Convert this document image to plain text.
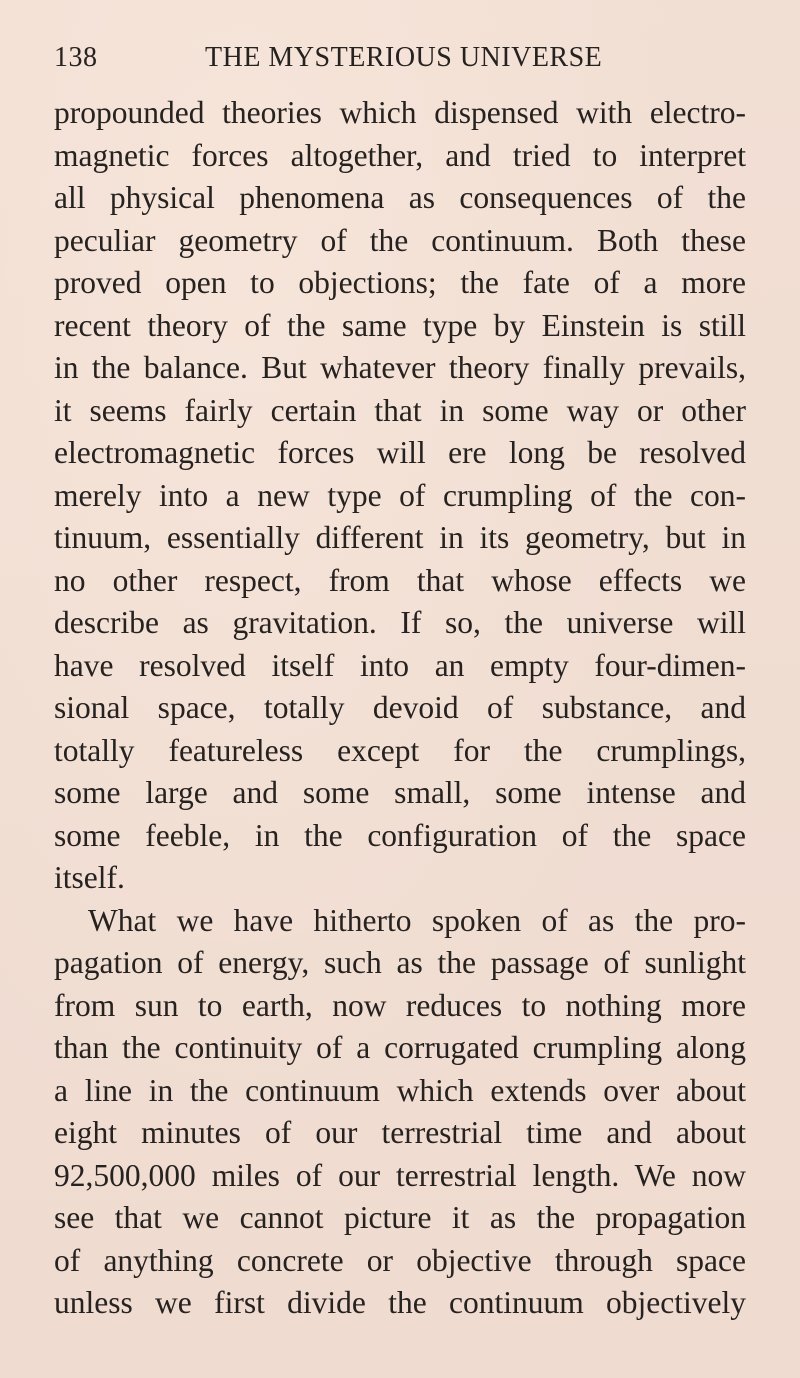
138	THE MYSTERIOUS UNIVERSE
propounded theories which dispensed with electro-
magnetic forces altogether, and tried to interpret
all physical phenomena as consequences of the
peculiar geometry of the continuum. Both these
proved open to objections; the fate of a more
recent theory of the same type by Einstein is still
in the balance. But whatever theory finally prevails,
it seems fairly certain that in some way or other
electromagnetic forces will ere long be resolved
merely into a new type of crumpling of the con-
tinuum, essentially different in its geometry, but in
no other respect, from that whose effects we
describe as gravitation. If so, the universe will
have resolved itself into an empty four-dimen-
sional space, totally devoid of substance, and
totally featureless except for the crumplings,
some large and some small, some intense and
some feeble, in the configuration of the space
itself.
What we have hitherto spoken of as the pro-
pagation of energy, such as the passage of sunlight
from sun to earth, now reduces to nothing more
than the continuity of a corrugated crumpling along
a line in the continuum which extends over about
eight minutes of our terrestrial time and about
92,500,000 miles of our terrestrial length. We now
see that we cannot picture it as the propagation
of anything concrete or objective through space
unless we first divide the continuum objectively
